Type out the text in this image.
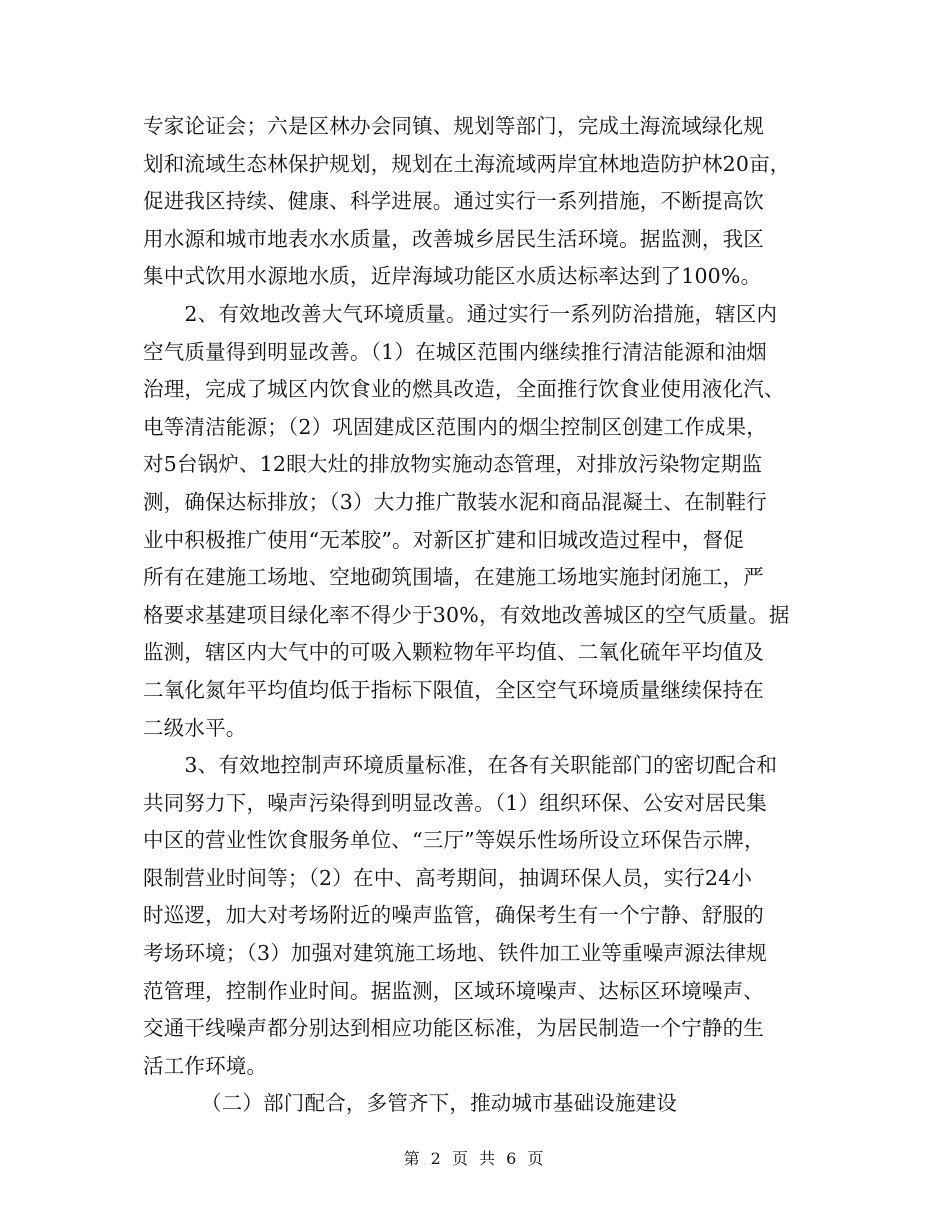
专家论证会；六是区林办会同镇、规划等部门，完成土海流域绿化规
划和流域生态林保护规划，规划在土海流域两岸宜林地造防护林20亩，
促进我区持续、健康、科学进展。通过实行一系列措施，不断提高饮
用水源和城市地表水水质量，改善城乡居民生活环境。据监测，我区
集中式饮用水源地水质，近岸海域功能区水质达标率达到了100%。
　　2、有效地改善大气环境质量。通过实行一系列防治措施，辖区内
空气质量得到明显改善。（1）在城区范围内继续推行清洁能源和油烟
治理，完成了城区内饮食业的燃具改造，全面推行饮食业使用液化汽、
电等清洁能源；（2）巩固建成区范围内的烟尘控制区创建工作成果，
对5台锅炉、12眼大灶的排放物实施动态管理，对排放污染物定期监
测，确保达标排放；（3）大力推广散装水泥和商品混凝土、在制鞋行
业中积极推广使用“无苯胶”。对新区扩建和旧城改造过程中，督促
所有在建施工场地、空地砌筑围墙，在建施工场地实施封闭施工，严
格要求基建项目绿化率不得少于30%，有效地改善城区的空气质量。据
监测，辖区内大气中的可吸入颗粒物年平均值、二氧化硫年平均值及
二氧化氮年平均值均低于指标下限值，全区空气环境质量继续保持在
二级水平。
　　3、有效地控制声环境质量标准，在各有关职能部门的密切配合和
共同努力下，噪声污染得到明显改善。（1）组织环保、公安对居民集
中区的营业性饮食服务单位、“三厅”等娱乐性场所设立环保告示牌，
限制营业时间等；（2）在中、高考期间，抽调环保人员，实行24小
时巡逻，加大对考场附近的噪声监管，确保考生有一个宁静、舒服的
考场环境；（3）加强对建筑施工场地、铁件加工业等重噪声源法律规
范管理，控制作业时间。据监测，区域环境噪声、达标区环境噪声、
交通干线噪声都分别达到相应功能区标准，为居民制造一个宁静的生
活工作环境。
（二）部门配合，多管齐下，推动城市基础设施建设
第 2 页 共 6 页
